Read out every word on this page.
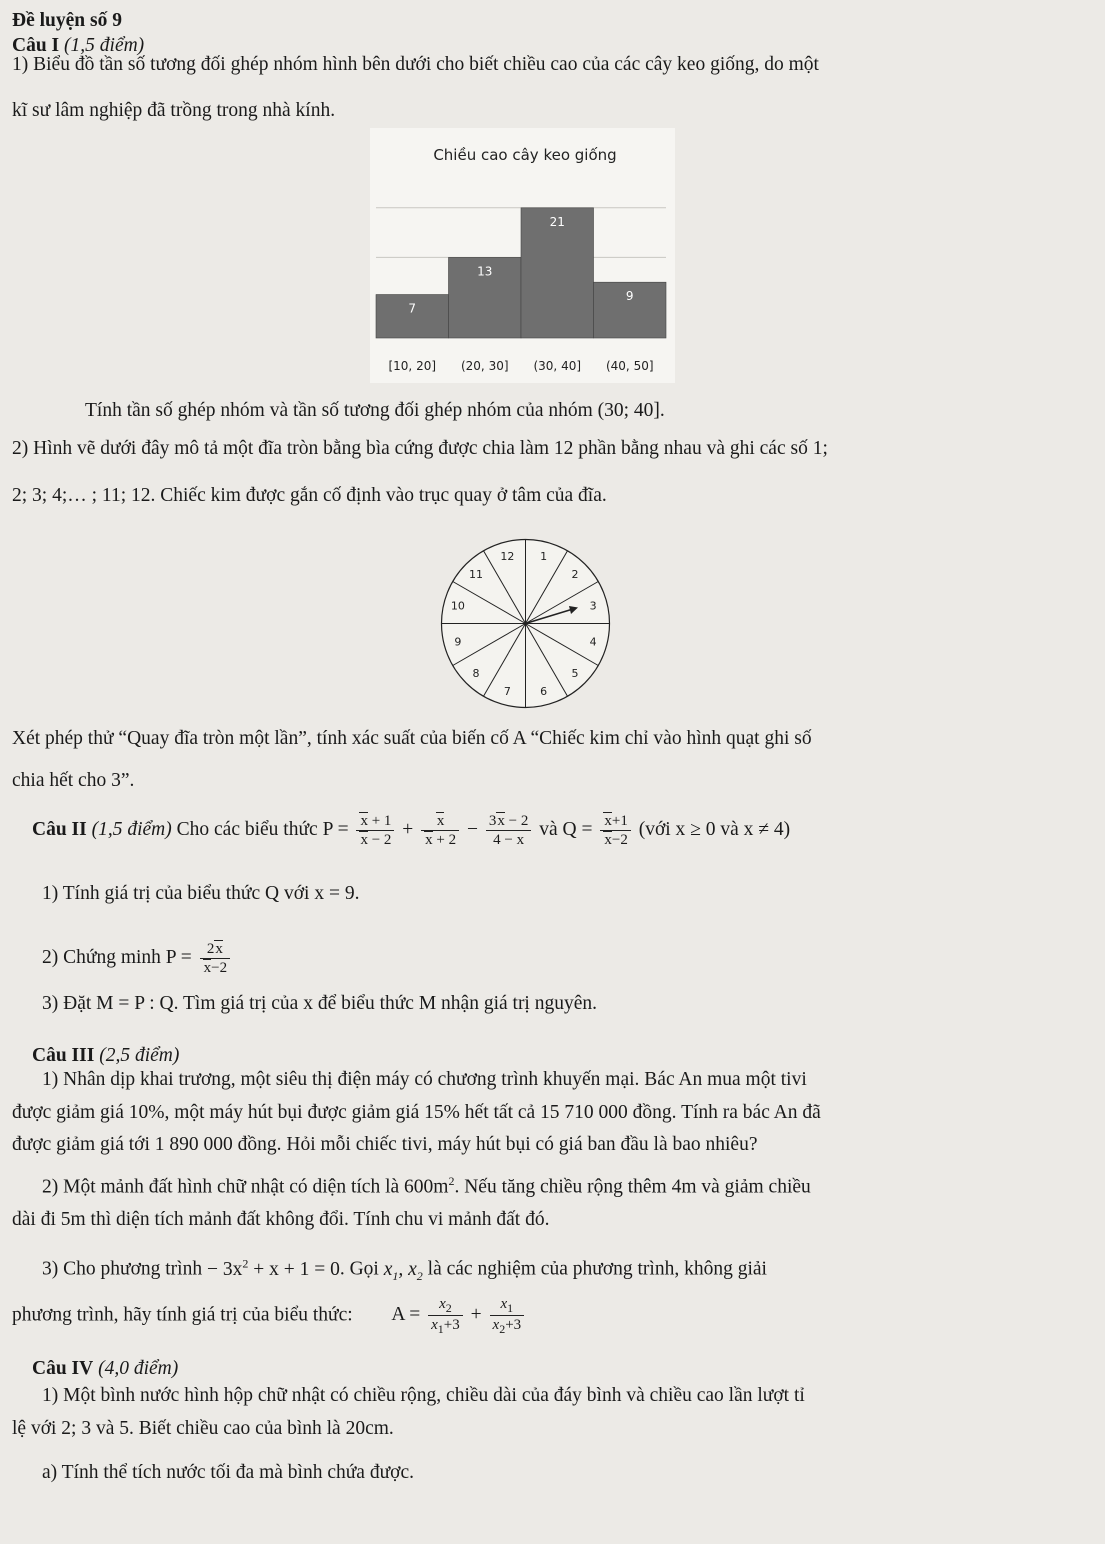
Đề luyện số 9
Câu I (1,5 điểm)
1) Biểu đồ tần số tương đối ghép nhóm hình bên dưới cho biết chiều cao của các cây keo giống, do một
kĩ sư lâm nghiệp đã trồng trong nhà kính.
Chiều cao cây keo giống
7
13
21
9
[10, 20] (20, 30] (30, 40] (40, 50]
Tính tần số ghép nhóm và tần số tương đối ghép nhóm của nhóm (30; 40].
2) Hình vẽ dưới đây mô tả một đĩa tròn bằng bìa cứng được chia làm 12 phần bằng nhau và ghi các số 1;
2; 3; 4;… ; 11; 12. Chiếc kim được gắn cố định vào trục quay ở tâm của đĩa.
1
2
3
4
5
6
7
8
9
10
11
12
Xét phép thử “Quay đĩa tròn một lần”, tính xác suất của biến cố A “Chiếc kim chỉ vào hình quạt ghi số
chia hết cho 3”.
Câu II (1,5 điểm) Cho các biểu thức $P = \frac{x + 1}{x - 2} + \frac{x}{x + 2} - \frac{3x - 2}{4 - x}$ và $Q = \frac{x+1}{x-2}$ (với x ≥ 0 và x ≠ 4)
1) Tính giá trị của biểu thức Q với x = 9.
2) Chứng minh $P = \frac{2x}{x-2}$
3) Đặt M = P : Q. Tìm giá trị của x để biểu thức M nhận giá trị nguyên.
Câu III (2,5 điểm)
1) Nhân dịp khai trương, một siêu thị điện máy có chương trình khuyến mại. Bác An mua một tivi
được giảm giá 10%, một máy hút bụi được giảm giá 15% hết tất cả 15 710 000 đồng. Tính ra bác An đã
được giảm giá tới 1 890 000 đồng. Hỏi mỗi chiếc tivi, máy hút bụi có giá ban đầu là bao nhiêu?
2) Một mảnh đất hình chữ nhật có diện tích là $600m^2$. Nếu tăng chiều rộng thêm 4m và giảm chiều
dài đi 5m thì diện tích mảnh đất không đổi. Tính chu vi mảnh đất đó.
3) Cho phương trình − $3x^2 + x + 1 = 0$. Gọi $x_1$, $x_2$ là các nghiệm của phương trình, không giải
phương trình, hãy tính giá trị của biểu thức: $A = \frac{x_2}{x_1+3} + \frac{x_1}{x_2+3}$
Câu IV (4,0 điểm)
1) Một bình nước hình hộp chữ nhật có chiều rộng, chiều dài của đáy bình và chiều cao lần lượt tỉ
lệ với 2; 3 và 5. Biết chiều cao của bình là 20cm.
a) Tính thể tích nước tối đa mà bình chứa được.
